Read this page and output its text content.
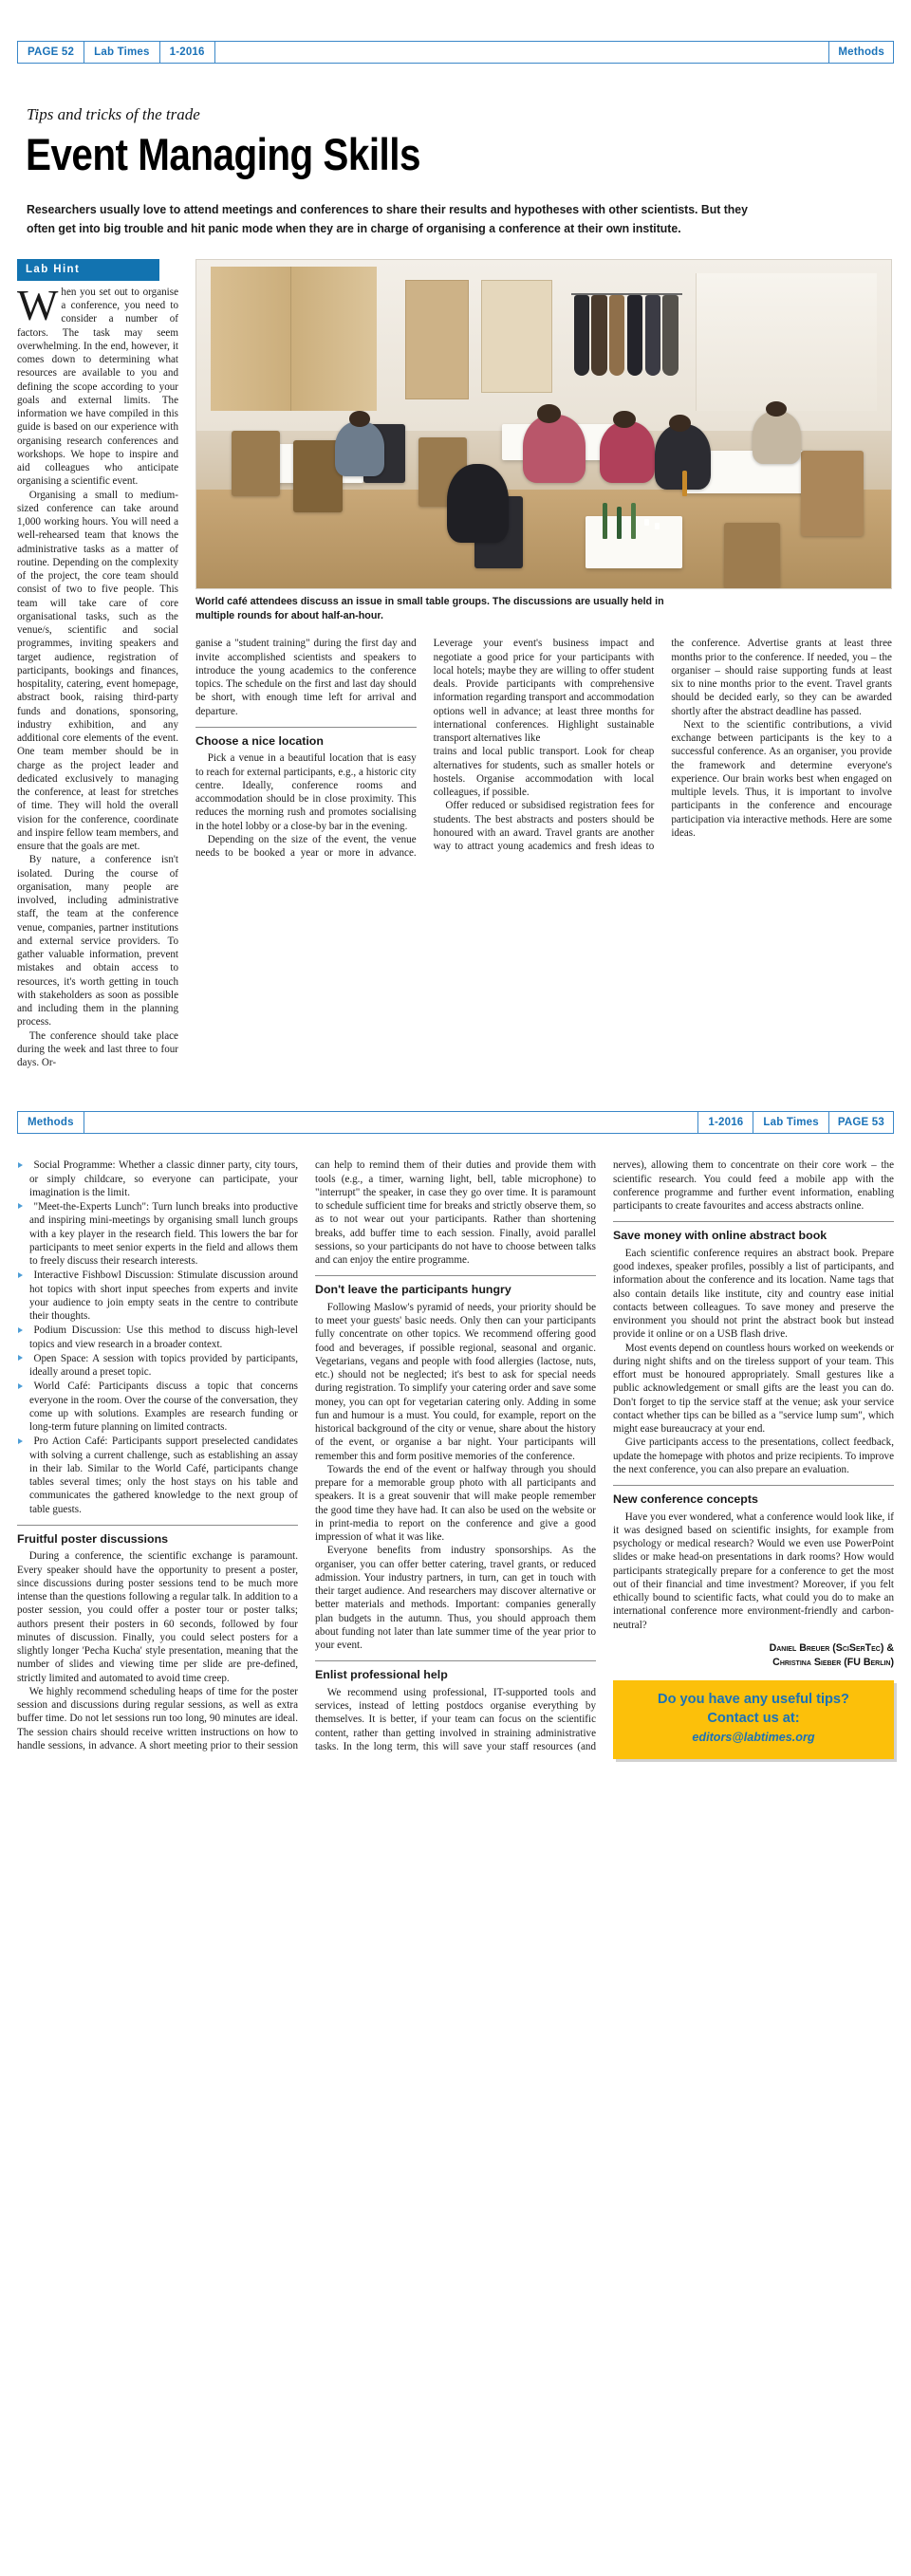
PAGE 52	Lab Times	1-2016	Methods
Tips and tricks of the trade
Event Managing Skills
Researchers usually love to attend meetings and conferences to share their results and hypotheses with other scientists. But they often get into big trouble and hit panic mode when they are in charge of organising a conference at their own institute.
Lab Hint

When you set out to organise a conference, you need to consider a number of factors. The task may seem overwhelming. In the end, however, it comes down to determining what resources are available to you and defining the scope according to your goals and external limits. The information we have compiled in this guide is based on our experience with organising research conferences and workshops. We hope to inspire and aid colleagues who anticipate organising a scientific event.

Organising a small to medium-sized conference can take around 1,000 working hours. You will need a well-rehearsed team that knows the administrative tasks as a matter of routine. Depending on the complexity of the project, the core team should consist of two to five people. This team will take care of core organisational tasks, such as the venue/s, scientific and social programmes, inviting speakers and target audience, registration of participants, bookings and finances, hospitality, catering, event homepage, abstract book, raising third-party funds and donations, sponsoring, industry exhibition, and any additional core elements of the event. One team member should be in charge as the project leader and dedicated exclusively to managing the conference, at least for stretches of time. They will hold the overall vision for the conference, coordinate and inspire fellow team members, and ensure that the goals are met.

By nature, a conference isn't isolated. During the course of organisation, many people are involved, including administrative staff, the team at the conference venue, companies, partner institutions and external service providers. To gather valuable information, prevent mistakes and obtain access to resources, it's worth getting in touch with stakeholders as soon as possible and including them in the planning process.

The conference should take place during the week and last three to four days. Or-

World café attendees discuss an issue in small table groups. The discussions are usually held in multiple rounds for about half-an-hour.

ganise a "student training" during the first day and invite accomplished scientists and speakers to introduce the young academics to the conference topics. The schedule on the first and last day should be short, with enough time left for arrival and departure.

Choose a nice location

Pick a venue in a beautiful location that is easy to reach for external participants, e.g., a historic city centre. Ideally, conference rooms and accommodation should be in close proximity. This reduces the morning rush and promotes socialising in the hotel lobby or a close-by bar in the evening.

Depending on the size of the event, the venue needs to be booked a year or more in advance. Leverage your event's business impact and negotiate a good price for your participants with local hotels; maybe they are willing to offer student deals. Provide participants with comprehensive information regarding transport and accommodation options well in advance; at least three months for international conferences. Highlight sustainable transport alternatives like

trains and local public transport. Look for cheap alternatives for students, such as smaller hotels or hostels. Organise accommodation with local colleagues, if possible.

Offer reduced or subsidised registration fees for students. The best abstracts and posters should be honoured with an award. Travel grants are another way to attract young academics and fresh ideas to the conference. Advertise grants at least three months prior to the conference. If needed, you – the organiser – should raise supporting funds at least six to nine months prior to the event. Travel grants should be decided early, so they can be awarded shortly after the abstract deadline has passed.

Next to the scientific contributions, a vivid exchange between participants is the key to a successful conference. As an organiser, you provide the framework and determine everyone's experience. Our brain works best when engaged on multiple levels. Thus, it is important to involve participants in the conference and encourage participation via interactive methods. Here are some ideas.

Methods	1-2016	Lab Times	PAGE 53
Social Programme: Whether a classic dinner party, city tours, or simply childcare, so everyone can participate, your imagination is the limit.
"Meet-the-Experts Lunch": Turn lunch breaks into productive and inspiring mini-meetings by organising small lunch groups with a key player in the research field. This lowers the bar for participants to meet senior experts in the field and allows them to freely discuss their research interests.
Interactive Fishbowl Discussion: Stimulate discussion around hot topics with short input speeches from experts and invite your audience to join empty seats in the centre to contribute their thoughts.
Podium Discussion: Use this method to discuss high-level topics and view research in a broader context.
Open Space: A session with topics provided by participants, ideally around a preset topic.
World Café: Participants discuss a topic that concerns everyone in the room. Over the course of the conversation, they come up with solutions. Examples are research funding or long-term future planning on limited contracts.
Pro Action Café: Participants support preselected candidates with solving a current challenge, such as establishing an assay in their lab. Similar to the World Café, participants change tables several times; only the host stays on his table and communicates the gathered knowledge to the next group of table guests.
Fruitful poster discussions

During a conference, the scientific exchange is paramount. Every speaker should have the opportunity to present a poster, since discussions during poster sessions tend to be much more intense than the questions following a regular talk. In addition to a poster session, you could offer a poster tour or poster talks; authors present their posters in 60 seconds, followed by four minutes of discussion. Finally, you could select posters for a slightly longer 'Pecha Kucha' style presentation, meaning that the number of slides and viewing time per slide are pre-defined, strictly limited and automated to avoid time creep.

We highly recommend scheduling heaps of time for the poster session and discussions during regular sessions, as well as extra buffer time. Do not let sessions run too long, 90 minutes are ideal. The session chairs should receive written instructions on how to handle sessions, in advance. A short meeting prior to their session can help to remind them of their duties and provide them with tools (e.g., a timer, warning light, bell, table microphone) to "interrupt" the speaker, in case they go over time. It is paramount to schedule sufficient time for breaks and strictly observe them, so as to not wear out your participants. Rather than shortening breaks, add buffer time to each session. Finally, avoid parallel sessions, so your participants do not have to choose between talks and can enjoy the entire programme.

Don't leave the participants hungry

Following Maslow's pyramid of needs, your priority should be to meet your guests' basic needs. Only then can your participants fully concentrate on other topics. We recommend offering good food and beverages, if possible regional, seasonal and organic. Vegetarians, vegans and people with food allergies (lactose, nuts, etc.) should not be neglected; it's best to ask for special needs during registration. To simplify your catering order and save some money, you can opt for vegetarian catering only. Adding in some fun and humour is a must. You could, for example, report on the historical background of the city or venue, share about the history of the event, or organise a bar night. Your participants will remember this and form positive memories of the conference.

Towards the end of the event or halfway through you should prepare for a memorable group photo with all participants and speakers. It is a great souvenir that will make people remember the good time they have had. It can also be used on the website or in print-media to report on the conference and give a good impression of what it was like.

Everyone benefits from industry sponsorships. As the organiser, you can offer better catering, travel grants, or reduced admission. Your industry partners, in turn, can get in touch with their target audience. And researchers may discover alternative or better materials and methods. Important: companies generally plan budgets in the autumn. Thus, you should approach them about funding not later than late summer time of the year prior to your event.

Enlist professional help

We recommend using professional, IT-supported tools and services, instead of letting postdocs organise everything by themselves. It is better, if your team can focus on the scientific content, rather than getting involved in straining administrative tasks. In the long term, this will save your staff resources (and nerves), allowing them to concentrate on their core work – the scientific research. You could feed a mobile app with the conference programme and further event information, enabling participants to create favourites and access abstracts online.

Save money with online abstract book

Each scientific conference requires an abstract book. Prepare good indexes, speaker profiles, possibly a list of participants, and information about the conference and its location. Name tags that also contain details like institute, city and country ease initial contacts between colleagues. To save money and preserve the environment you should not print the abstract book but instead provide it online or on a USB flash drive.

Most events depend on countless hours worked on weekends or during night shifts and on the tireless support of your team. This effort must be honoured appropriately. Small gestures like a public acknowledgement or small gifts are the least you can do. Don't forget to tip the service staff at the venue; ask your service contact whether tips can be billed as a "service lump sum", which might ease bureaucracy at your end.

Give participants access to the presentations, collect feedback, update the homepage with photos and prize recipients. To improve the next conference, you can also prepare an evaluation.

New conference concepts

Have you ever wondered, what a conference would look like, if it was designed based on scientific insights, for example from psychology or medical research? Would we even use PowerPoint slides or make head-on presentations in dark rooms? How would participants strategically prepare for a conference to get the most out of their financial and time investment? Moreover, if you felt ethically bound to scientific facts, what could you do to make an international conference more environment-friendly and carbon-neutral?

Daniel Breuer (SciSerTec) &
Christina Sieber (FU Berlin)
Do you have any useful tips?
Contact us at:
editors@labtimes.org
